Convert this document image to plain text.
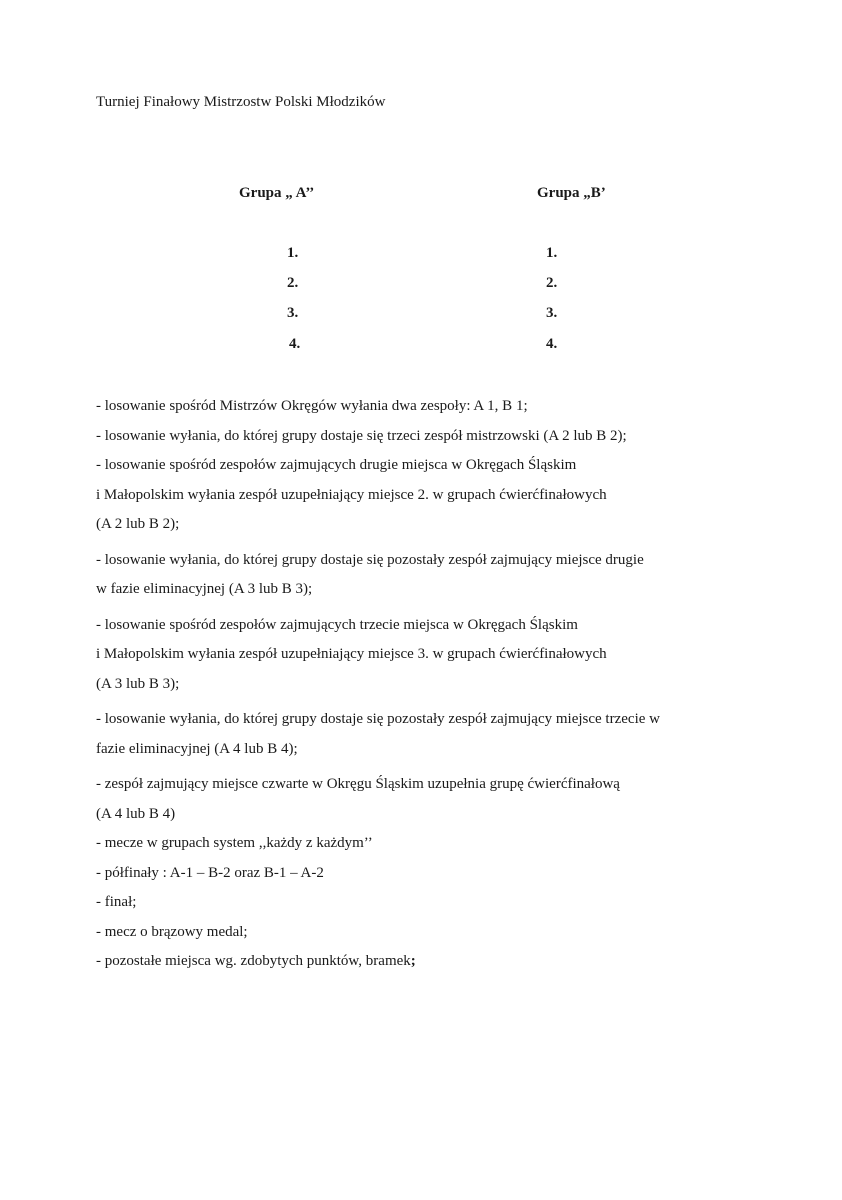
Turniej Finałowy Mistrzostw Polski Młodzików
Grupa „ A’’	Grupa „B’
1.
2.
3.
4.
1.
2.
3.
4.
- losowanie spośród Mistrzów Okręgów wyłania dwa zespoły: A 1, B 1;
- losowanie wyłania, do której grupy dostaje się trzeci zespół mistrzowski (A 2 lub B 2);
- losowanie spośród zespołów zajmujących drugie miejsca w Okręgach Śląskim
i Małopolskim wyłania zespół uzupełniający miejsce 2. w grupach ćwierćfinałowych
(A 2 lub B 2);
- losowanie wyłania, do której grupy dostaje się pozostały zespół zajmujący miejsce drugie
w fazie eliminacyjnej (A 3 lub B 3);
- losowanie spośród zespołów zajmujących trzecie miejsca w Okręgach Śląskim
i Małopolskim wyłania zespół uzupełniający miejsce 3. w grupach ćwierćfinałowych
(A 3 lub B 3);
- losowanie wyłania, do której grupy dostaje się pozostały zespół zajmujący miejsce trzecie w
fazie eliminacyjnej (A 4 lub B 4);
- zespół zajmujący miejsce czwarte w Okręgu Śląskim uzupełnia grupę ćwierćfinałową
(A 4 lub B 4)
- mecze w grupach system ,,każdy z każdym’’
- półfinały : A-1 – B-2 oraz B-1 – A-2
- finał;
- mecz o brązowy medal;
- pozostałe miejsca wg. zdobytych punktów, bramek;
